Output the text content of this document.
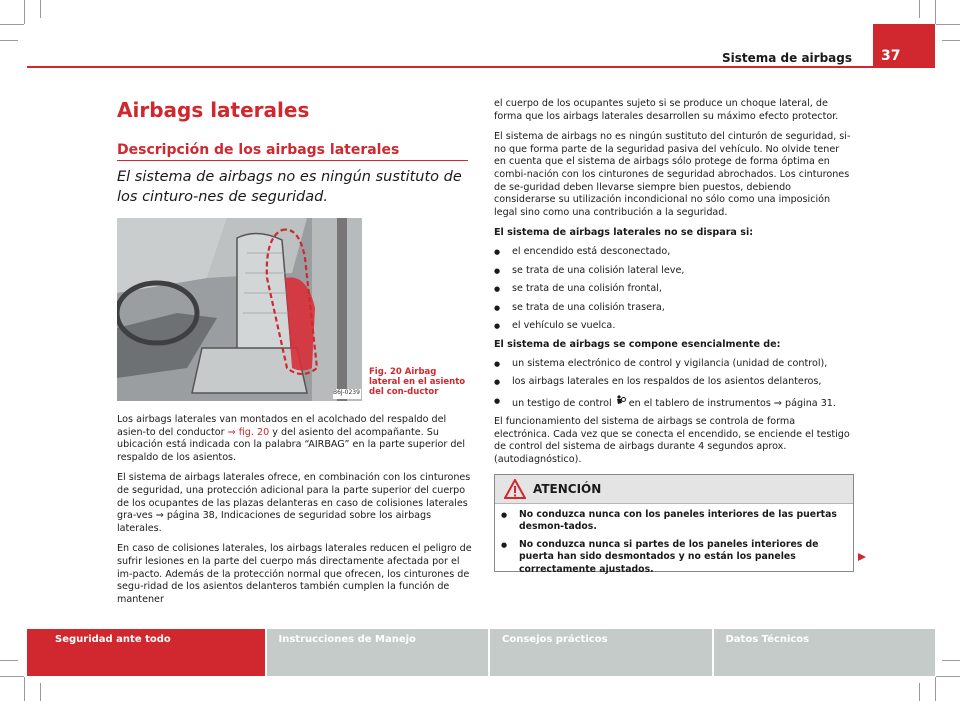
Sistema de airbags	37
Airbags laterales
Descripción de los airbags laterales

El sistema de airbags no es ningún sustituto de los cinturo-nes de seguridad.

B6J-0239

Fig. 20 Airbag lateral en el asiento del con-ductor

Los airbags laterales van montados en el acolchado del respaldo del asien-to del conductor ⇒ fig. 20 y del asiento del acompañante. Su ubicación está indicada con la palabra “AIRBAG” en la parte superior del respaldo de los asientos.

El sistema de airbags laterales ofrece, en combinación con los cinturones de seguridad, una protección adicional para la parte superior del cuerpo de los ocupantes de las plazas delanteras en caso de colisiones laterales gra-ves ⇒ página 38, Indicaciones de seguridad sobre los airbags laterales.

En caso de colisiones laterales, los airbags laterales reducen el peligro de sufrir lesiones en la parte del cuerpo más directamente afectada por el im-pacto. Además de la protección normal que ofrecen, los cinturones de segu-ridad de los asientos delanteros también cumplen la función de mantener

el cuerpo de los ocupantes sujeto si se produce un choque lateral, de forma que los airbags laterales desarrollen su máximo efecto protector.

El sistema de airbags no es ningún sustituto del cinturón de seguridad, si-no que forma parte de la seguridad pasiva del vehículo. No olvide tener en cuenta que el sistema de airbags sólo protege de forma óptima en combi-nación con los cinturones de seguridad abrochados. Los cinturones de se-guridad deben llevarse siempre bien puestos, debiendo considerarse su utilización incondicional no sólo como una imposición legal sino como una contribución a la seguridad.

El sistema de airbags laterales no se dispara si:

● el encendido está desconectado,
● se trata de una colisión lateral leve,
● se trata de una colisión frontal,
● se trata de una colisión trasera,
● el vehículo se vuelca.

El sistema de airbags se compone esencialmente de:

● un sistema electrónico de control y vigilancia (unidad de control),
● los airbags laterales en los respaldos de los asientos delanteros,
● un testigo de control  en el tablero de instrumentos ⇒ página 31.

El funcionamiento del sistema de airbags se controla de forma electrónica. Cada vez que se conecta el encendido, se enciende el testigo de control del sistema de airbags durante 4 segundos aprox. (autodiagnóstico).

ATENCIÓN
● No conduzca nunca con los paneles interiores de las puertas desmon-tados.
● No conduzca nunca si partes de los paneles interiores de puerta han sido desmontados y no están los paneles correctamente ajustados.
Seguridad ante todo	Instrucciones de Manejo	Consejos prácticos	Datos Técnicos
